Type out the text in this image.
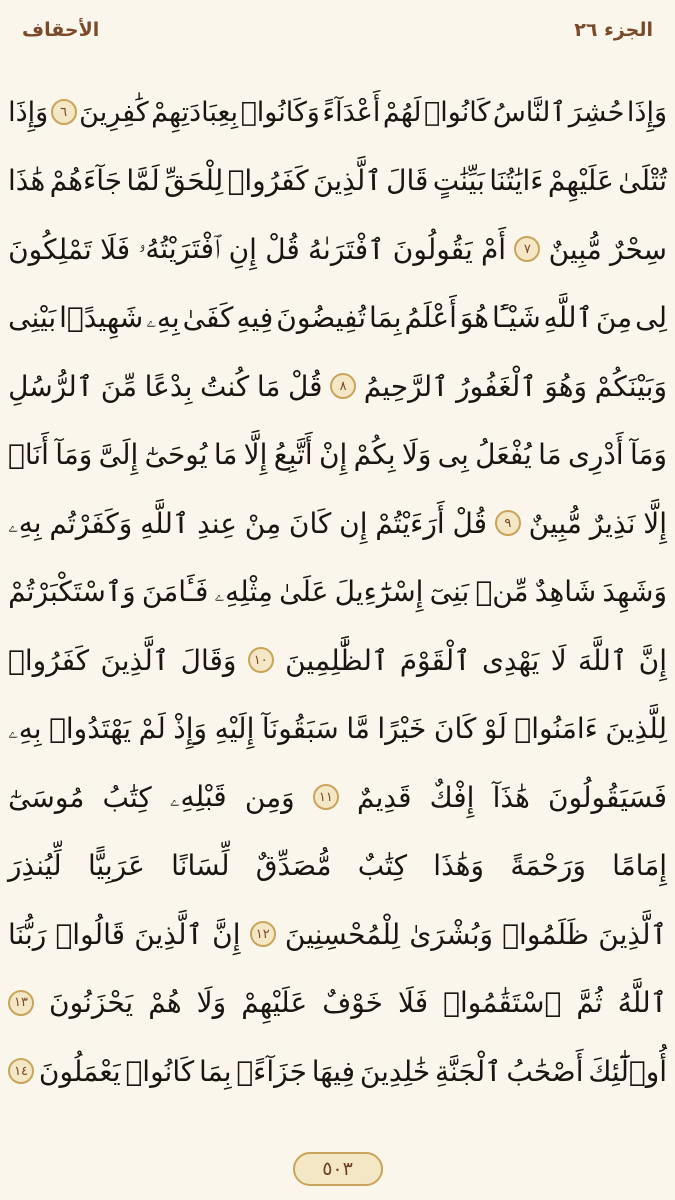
الأحقاف	الجزء ٢٦
وَإِذَا
حُشِرَ
ٱلنَّاسُ
كَانُوا۟
لَهُمْ
أَعْدَآءً
وَكَانُوا۟
بِعِبَادَتِهِمْ
كَٰفِرِينَ
٦
وَإِذَا
تُتْلَىٰ
عَلَيْهِمْ
ءَايَٰتُنَا
بَيِّنَٰتٍ
قَالَ
ٱلَّذِينَ
كَفَرُوا۟
لِلْحَقِّ
لَمَّا
جَآءَهُمْ
هَٰذَا
سِحْرٌ
مُّبِينٌ
٧
أَمْ
يَقُولُونَ
ٱفْتَرَىٰهُ
قُلْ
إِنِ
ٱفْتَرَيْتُهُۥ
فَلَا
تَمْلِكُونَ
لِى
مِنَ
ٱللَّهِ
شَيْـًٔا
هُوَ
أَعْلَمُ
بِمَا
تُفِيضُونَ
فِيهِ
كَفَىٰ
بِهِۦ
شَهِيدًۢا
بَيْنِى
وَبَيْنَكُمْ
وَهُوَ
ٱلْغَفُورُ
ٱلرَّحِيمُ
٨
قُلْ
مَا
كُنتُ
بِدْعًا
مِّنَ
ٱلرُّسُلِ
وَمَآ
أَدْرِى
مَا
يُفْعَلُ
بِى
وَلَا
بِكُمْ
إِنْ
أَتَّبِعُ
إِلَّا
مَا
يُوحَىٰٓ
إِلَىَّ
وَمَآ
أَنَا۠
إِلَّا
نَذِيرٌ
مُّبِينٌ
٩
قُلْ
أَرَءَيْتُمْ
إِن
كَانَ
مِنْ
عِندِ
ٱللَّهِ
وَكَفَرْتُم
بِهِۦ
وَشَهِدَ
شَاهِدٌ
مِّنۢ
بَنِىٓ
إِسْرَٰٓءِيلَ
عَلَىٰ
مِثْلِهِۦ
فَـَٔامَنَ
وَٱسْتَكْبَرْتُمْ
إِنَّ
ٱللَّهَ
لَا
يَهْدِى
ٱلْقَوْمَ
ٱلظَّٰلِمِينَ
١٠
وَقَالَ
ٱلَّذِينَ
كَفَرُوا۟
لِلَّذِينَ
ءَامَنُوا۟
لَوْ
كَانَ
خَيْرًا
مَّا
سَبَقُونَآ
إِلَيْهِ
وَإِذْ
لَمْ
يَهْتَدُوا۟
بِهِۦ
فَسَيَقُولُونَ
هَٰذَآ
إِفْكٌ
قَدِيمٌ
١١
وَمِن
قَبْلِهِۦ
كِتَٰبُ
مُوسَىٰٓ
إِمَامًا
وَرَحْمَةً
وَهَٰذَا
كِتَٰبٌ
مُّصَدِّقٌ
لِّسَانًا
عَرَبِيًّا
لِّيُنذِرَ
ٱلَّذِينَ
ظَلَمُوا۟
وَبُشْرَىٰ
لِلْمُحْسِنِينَ
١٢
إِنَّ
ٱلَّذِينَ
قَالُوا۟
رَبُّنَا
ٱللَّهُ
ثُمَّ
ٱسْتَقَٰمُوا۟
فَلَا
خَوْفٌ
عَلَيْهِمْ
وَلَا
هُمْ
يَحْزَنُونَ
١٣
أُو۟لَٰٓئِكَ
أَصْحَٰبُ
ٱلْجَنَّةِ
خَٰلِدِينَ
فِيهَا
جَزَآءًۢ
بِمَا
كَانُوا۟
يَعْمَلُونَ
١٤
٥٠٣
